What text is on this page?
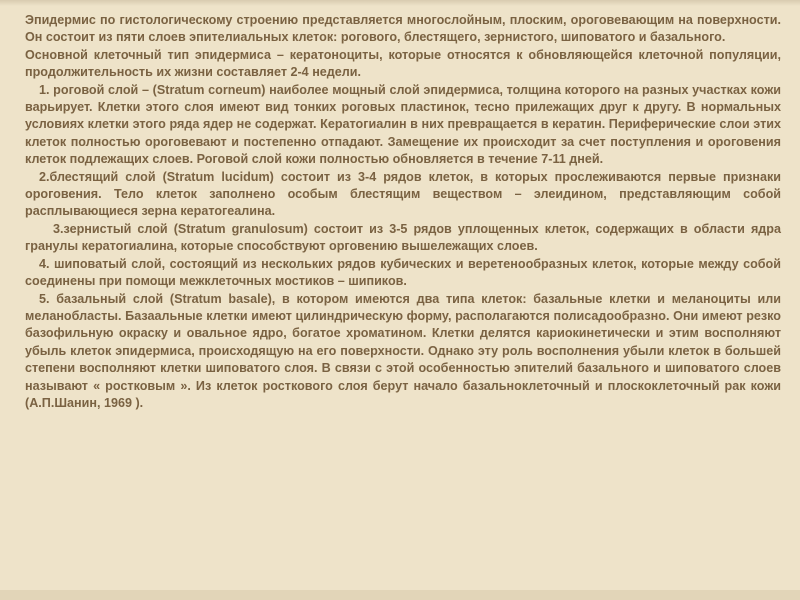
Эпидермис по гистологическому строению представляется многослойным, плоским, ороговевающим на поверхности. Он состоит из пяти слоев эпителиальных клеток: рогового, блестящего, зернистого, шиповатого и базального.

Основной клеточный тип эпидермиса – кератоноциты, которые относятся к обновляющейся клеточной популяции, продолжительность их жизни составляет 2-4 недели.

1. роговой слой – (Stratum corneum) наиболее мощный слой эпидермиса, толщина которого на разных участках кожи варьирует. Клетки этого слоя имеют вид тонких роговых пластинок, тесно прилежащих друг к другу. В нормальных условиях клетки этого ряда ядер не содержат. Кератогиалин в них превращается в кератин. Периферические слои этих клеток полностью ороговевают и постепенно отпадают. Замещение их происходит за счет поступления и ороговения клеток подлежащих слоев. Роговой слой кожи полностью обновляется в течение 7-11 дней.

2.блестящий слой (Stratum lucidum) состоит из 3-4 рядов клеток, в которых прослеживаются первые признаки ороговения. Тело клеток заполнено особым блестящим веществом – элеидином, представляющим собой расплывающиеся зерна кератогеалина.

3.зернистый слой (Stratum granulosum) состоит из 3-5 рядов уплощенных клеток, содержащих в области ядра гранулы кератогиалина, которые способствуют орговению вышележащих слоев.

4. шиповатый слой, состоящий из нескольких рядов кубических и веретенообразных клеток, которые между собой соединены при помощи межклеточных мостиков – шипиков.

5. базальный слой (Stratum basale), в котором имеются два типа клеток: базальные клетки и меланоциты или меланобласты. Базаальные клетки имеют цилиндрическую форму, располагаются полисадообразно. Они имеют резко базофильную окраску и овальное ядро, богатое хроматином. Клетки делятся кариокинетически и этим восполняют убыль клеток эпидермиса, происходящую на его поверхности. Однако эту роль восполнения убыли клеток в большей степени восполняют клетки шиповатого слоя. В связи с этой особенностью эпителий базального и шиповатого слоев называют « ростковым ». Из клеток росткового слоя берут начало базальноклеточный и плоскоклеточный рак кожи (А.П.Шанин, 1969 ).
